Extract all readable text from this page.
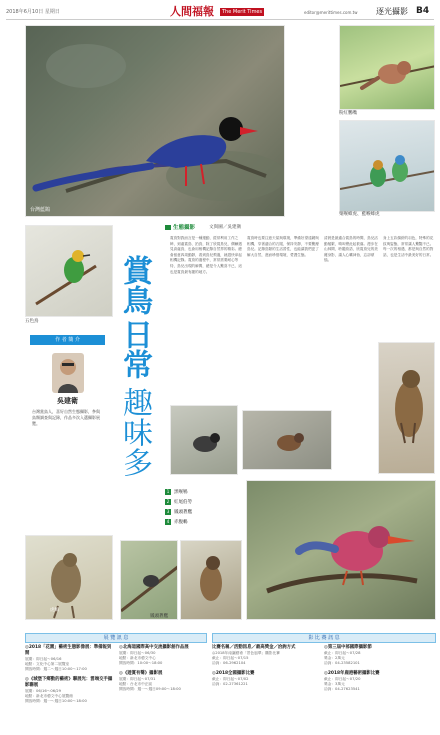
2018年6月10日 星期日	人間福報	The Merit Times	editor@merittimes.com.tw 逐光攝影 B4
台灣藍鵲
粉紅鸚嘴
栗喉蜂虎、藍喉蜂虎
五色鳥
生態攝影	文與圖／吳建衛
賞鳥
日常
趣味多
作 者 簡 介
吳建衛
台灣賞鳥人，喜好自然生態攝影，參與鳥類調查與記錄，作品多次入選攝影展覽。
虎鶇
賞鳥對我而言是一種運動，經常利用工作之餘，到處賞鳥、拍鳥，除了欣賞鳥兒，偶爾遇見高處鳥，也會用相機記錄自然界的精彩。總會留意四周動靜，看到鳥兒飛過，就趕快拿起相機記錄。賞鳥的過程中，常常需要耐心等待，鳥兒出現的瞬間，總是令人驚喜不已，這也是賞鳥最有趣的地方。
賞鳥時也要注意天氣與環境，準備好望遠鏡與相機，穿著適合的衣服，保持安靜，不要驚擾鳥兒。記錄鳥類的生活習性，也能讓我們更了解大自然，進而珍惜環境，愛護生態。
清晨是最適合賞鳥的時間，鳥兒活動頻繁，鳴叫聲此起彼落。漫步在山林間，聆聽鳥語，欣賞鳥兒的美麗身影，讓人心曠神怡，忘卻煩惱。
身上五彩繽紛的羽色，特殊的花紋與姿態，常常讓人驚豔不已。每一次的相遇，都是與自然的對話，也是生活中最美好的日常。
1	黑喉鴝
2	紅尾伯勞
3	鳳頭蒼鷹
4	赤腹鶇
鳳頭蒼鷹
展 覽 訊 息
◎2018「花園」藝術生態影像展：準備報到開
展期：即日起～06/16
地點：文化中心第二展覽室
開放時間：週二～週日10:00～17:00
◎《城堡下鄉動的藝術》聯展光：雲端交手攝影聯展
展期：06/16～06/29
地點：新北市藝文中心展覽館
開放時間：週一～週日10:00～18:00
◎北海道國際高中交流攝影創作品展
展期：即日起～06/30
地點：新北市藝文中心
開放時間：10:00～18:00
◎《遊賞有聲》攝影展
展期：即日起～07/31
地點：台北市中正區
開放時間：週一～週日09:00～18:00
影 比 賽 訊 息
比賽名稱／活動訊息／最高獎金／洽詢方式
◎2018年南瀛藝術「景色風華」攝影比賽
截止：即日起～07/15
洽詢：06-2962104
◎2018全國攝影比賽
截止：即日起～07/02
洽詢：02-27361221
◎第三屆中部國際攝影節
截止：即日起～07/28
獎金：2萬元
洽詢：04-23582101
◎2018年鹿港藝術攝影比賽
截止：即日起～07/20
獎金：3萬元
洽詢：04-27623541
